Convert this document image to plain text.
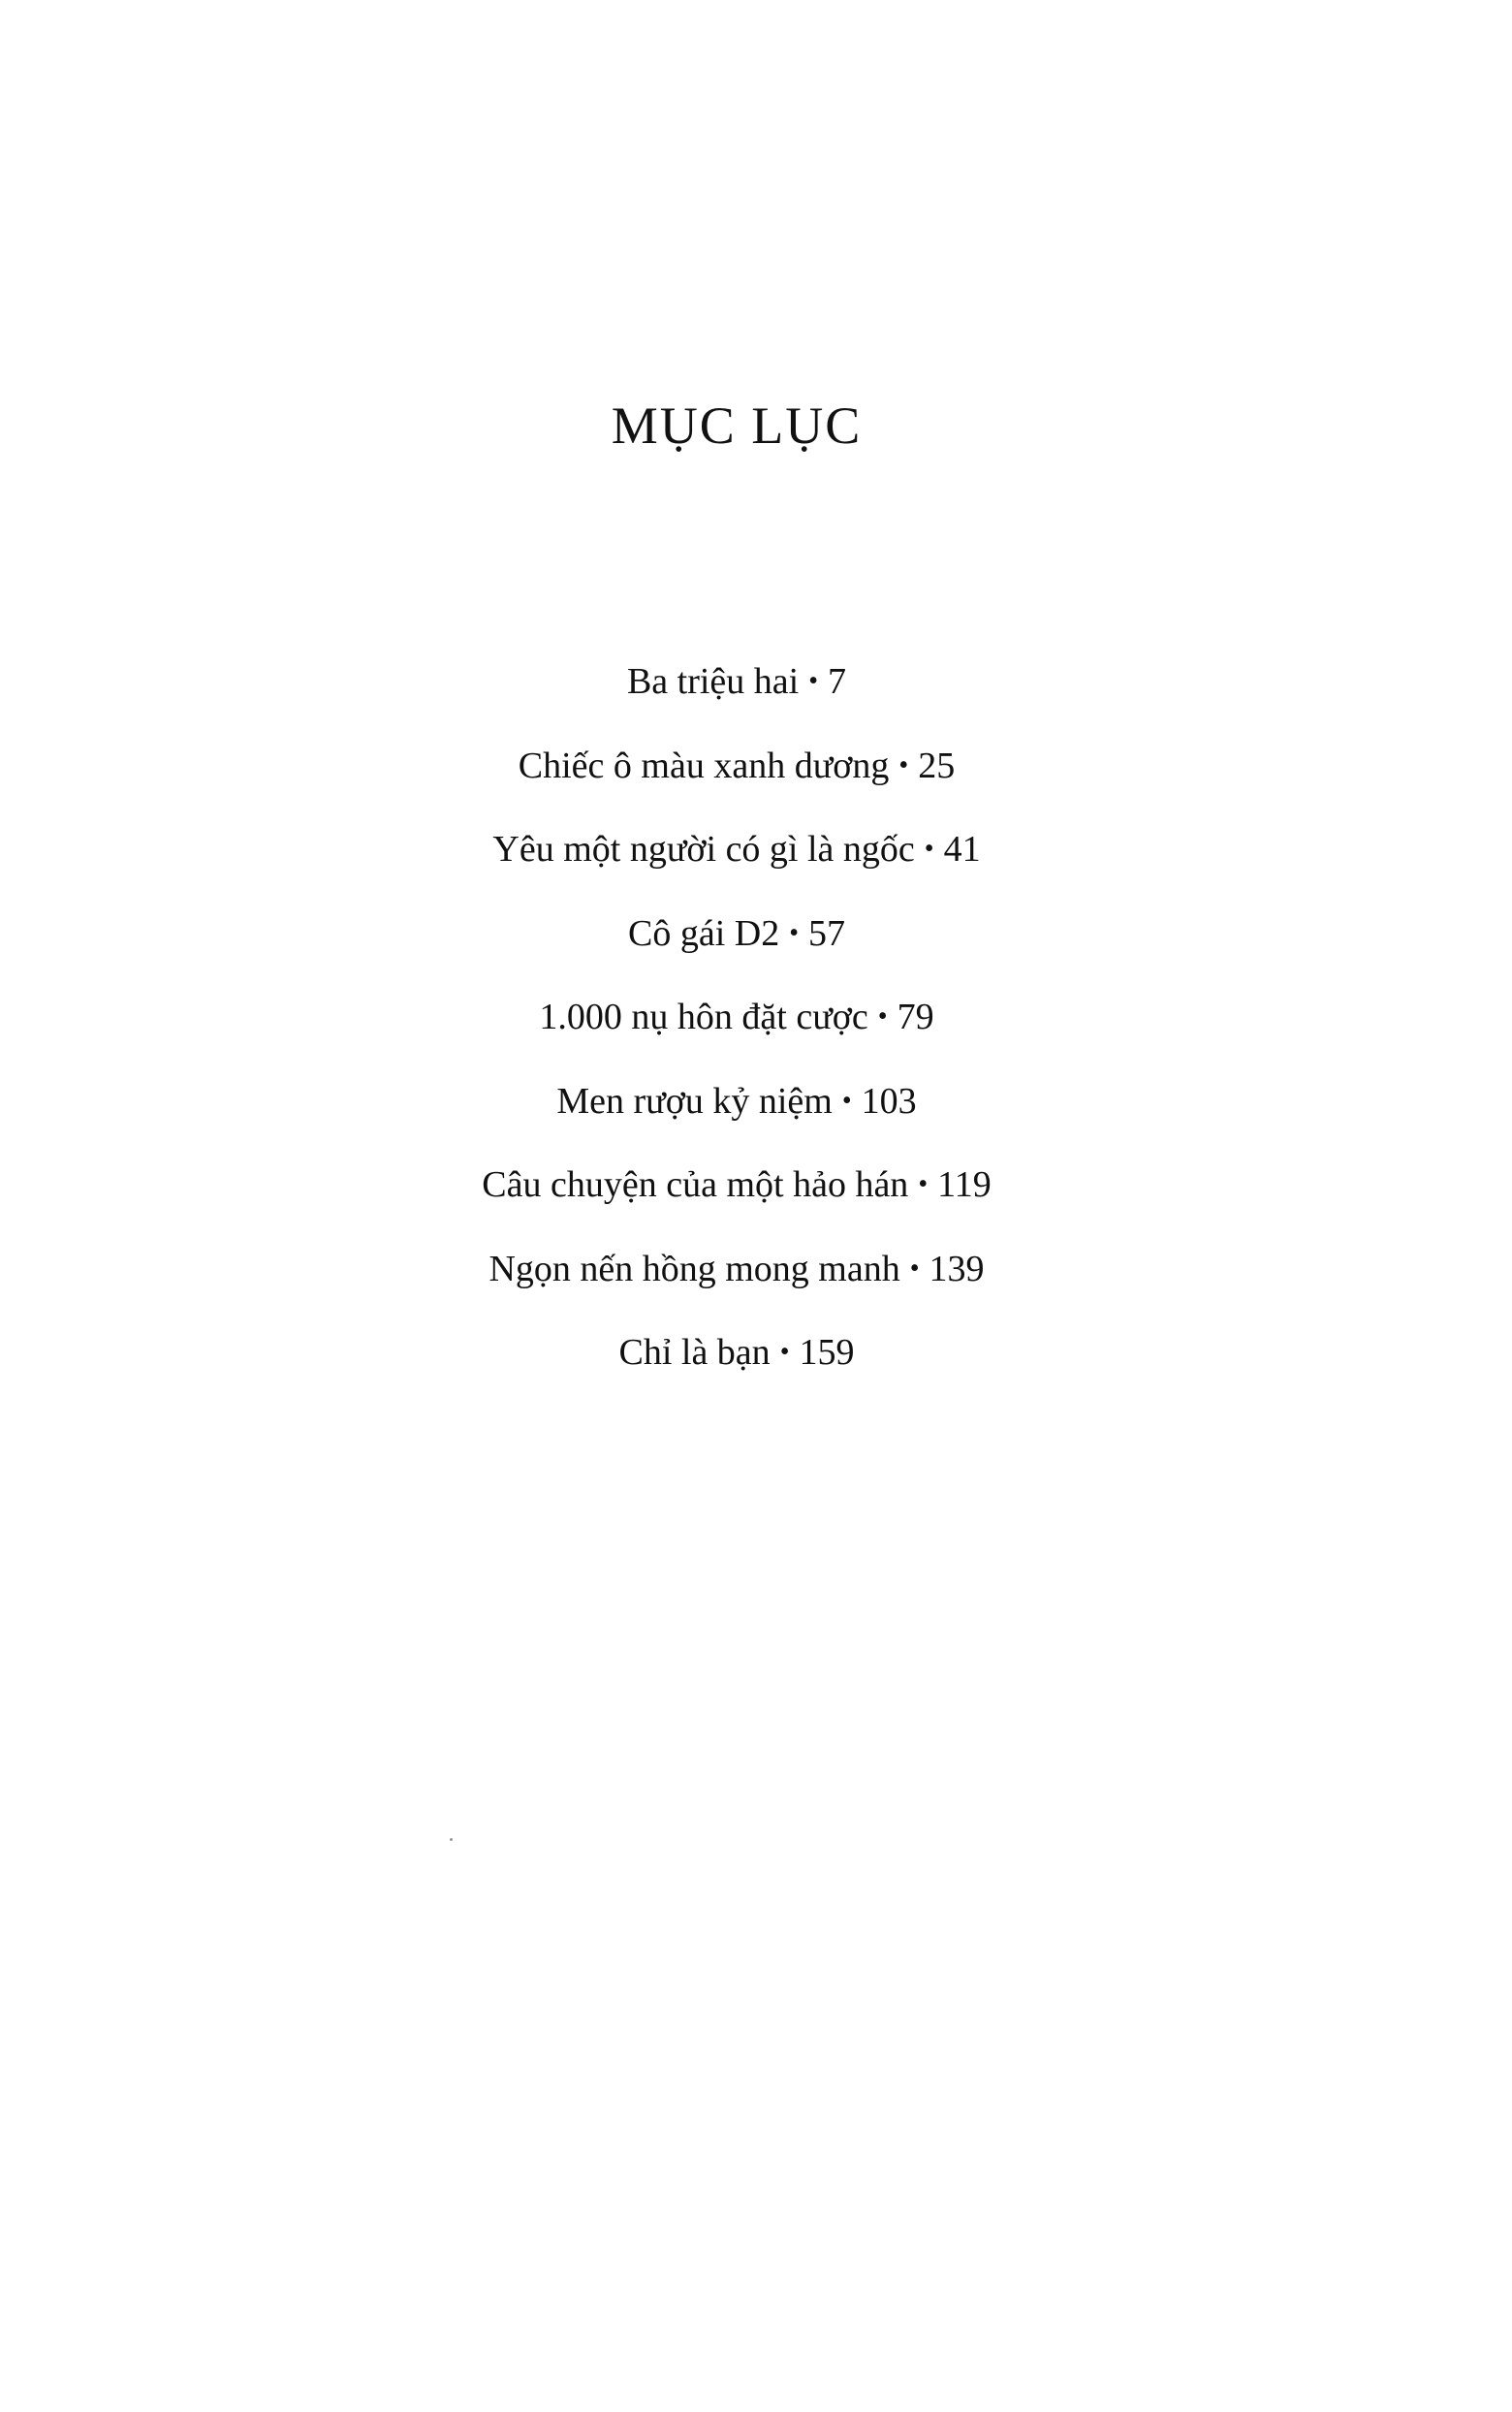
MỤC LỤC
Ba triệu hai • 7
Chiếc ô màu xanh dương • 25
Yêu một người có gì là ngốc • 41
Cô gái D2 • 57
1.000 nụ hôn đặt cược • 79
Men rượu kỷ niệm • 103
Câu chuyện của một hảo hán • 119
Ngọn nến hồng mong manh • 139
Chỉ là bạn • 159
